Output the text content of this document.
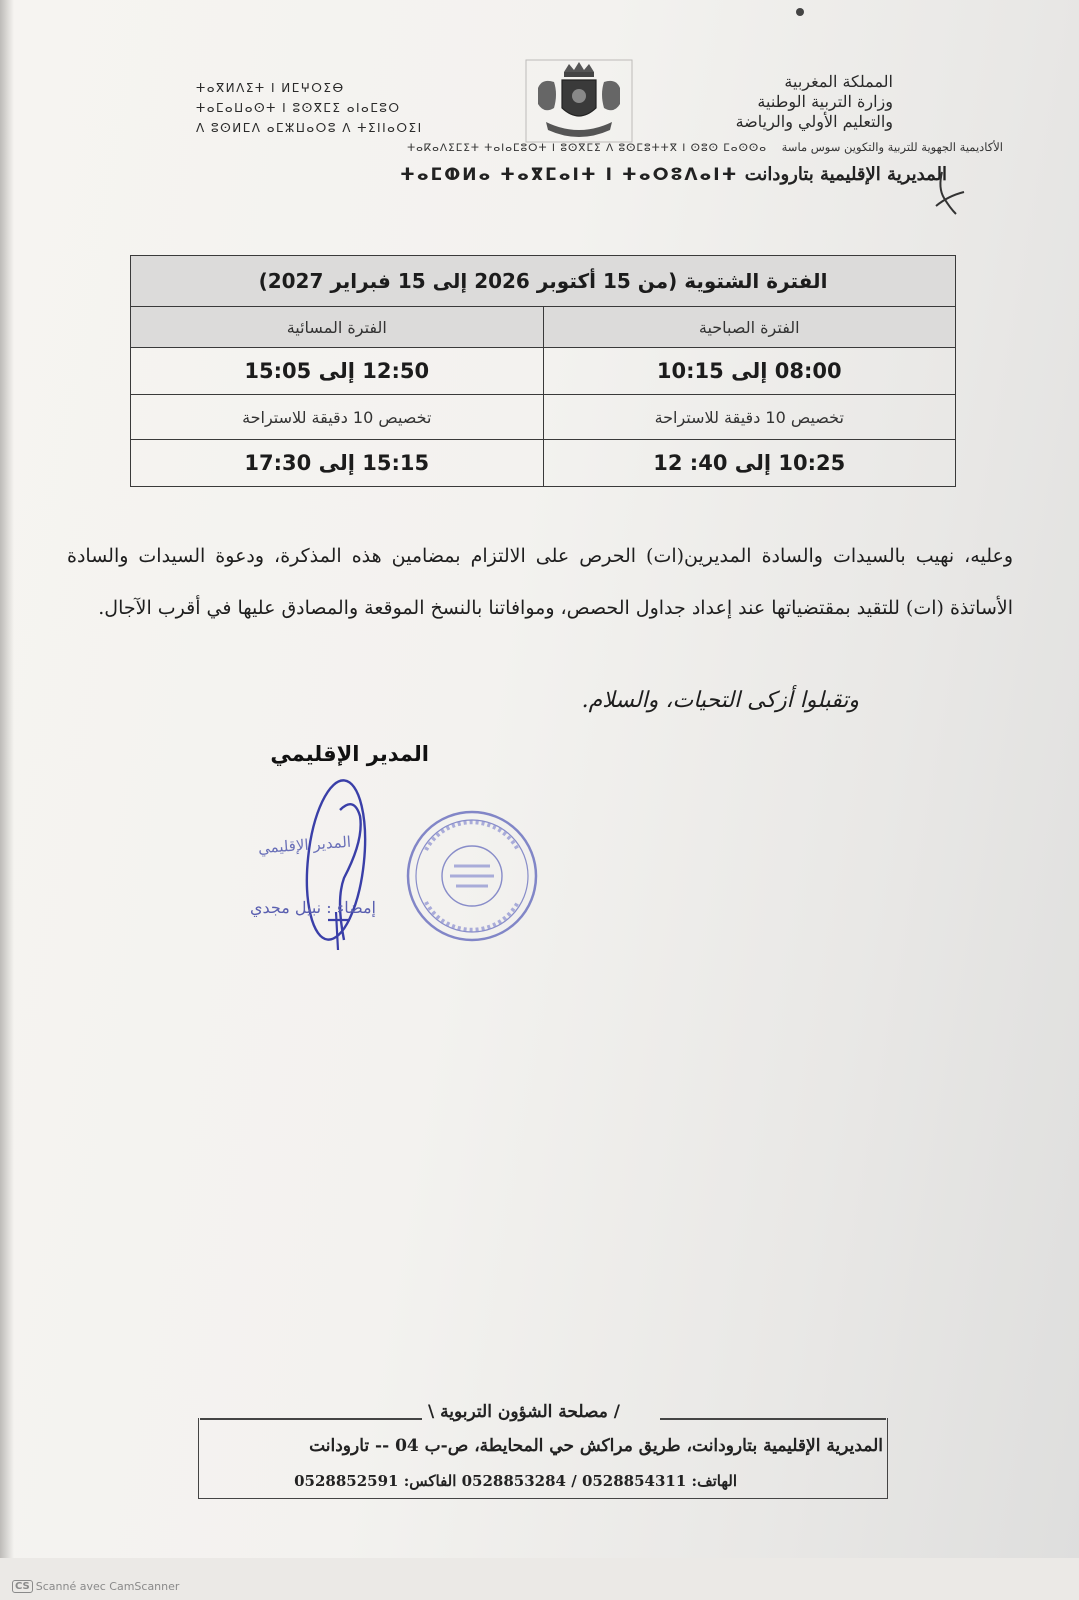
المملكة المغربية
وزارة التربية الوطنية
والتعليم الأولي والرياضة
ⵜⴰⴳⵍⴷⵉⵜ ⵏ ⵍⵎⵖⵔⵉⴱ
ⵜⴰⵎⴰⵡⴰⵙⵜ ⵏ ⵓⵙⴳⵎⵉ ⴰⵏⴰⵎⵓⵔ
ⴷ ⵓⵙⵍⵎⴷ ⴰⵎⵣⵡⴰⵔⵓ ⴷ ⵜⵉⵏⵏⴰⵔⵉⵏ
الأكاديمية الجهوية للتربية والتكوين سوس ماسة    ⵜⴰⴽⴰⴷⵉⵎⵉⵜ ⵜⴰⵏⴰⵎⵓⵔⵜ ⵏ ⵓⵙⴳⵎⵉ ⴷ ⵓⵙⵎⵓⵜⵜⴳ ⵏ ⵙⵓⵙ ⵎⴰⵙⵙⴰ
المديرية الإقليمية بتارودانت ⵜⴰⵎⵀⵍⴰ ⵜⴰⴳⵎⴰⵏⵜ ⵏ ⵜⴰⵔⵓⴷⴰⵏⵜ
الفترة الشتوية (من 15 أكتوبر 2026 إلى 15 فبراير 2027)	
الفترة الصباحية	الفترة المسائية
08:00 إلى 10:15	12:50 إلى 15:05
تخصيص 10 دقيقة للاستراحة	تخصيص 10 دقيقة للاستراحة
10:25 إلى 40: 12	15:15 إلى 17:30
وعليه، نهيب بالسيدات والسادة المديرين(ات) الحرص على الالتزام بمضامين هذه المذكرة، ودعوة السيدات والسادة الأساتذة (ات) للتقيد بمقتضياتها عند إعداد جداول الحصص، وموافاتنا بالنسخ الموقعة والمصادق عليها في أقرب الآجال.
وتقبلوا أزكى التحيات، والسلام.
المدير الإقليمي
المدير الإقليمي
إمضاء : نبيل مجدي
/ مصلحة الشؤون التربوية \
المديرية الإقليمية بتارودانت، طريق مراكش حي المحايطة، ص-ب 04 -- تارودانت
الهاتف: 0528854311 / 0528853284 الفاكس: 0528852591
CS Scanné avec CamScanner
